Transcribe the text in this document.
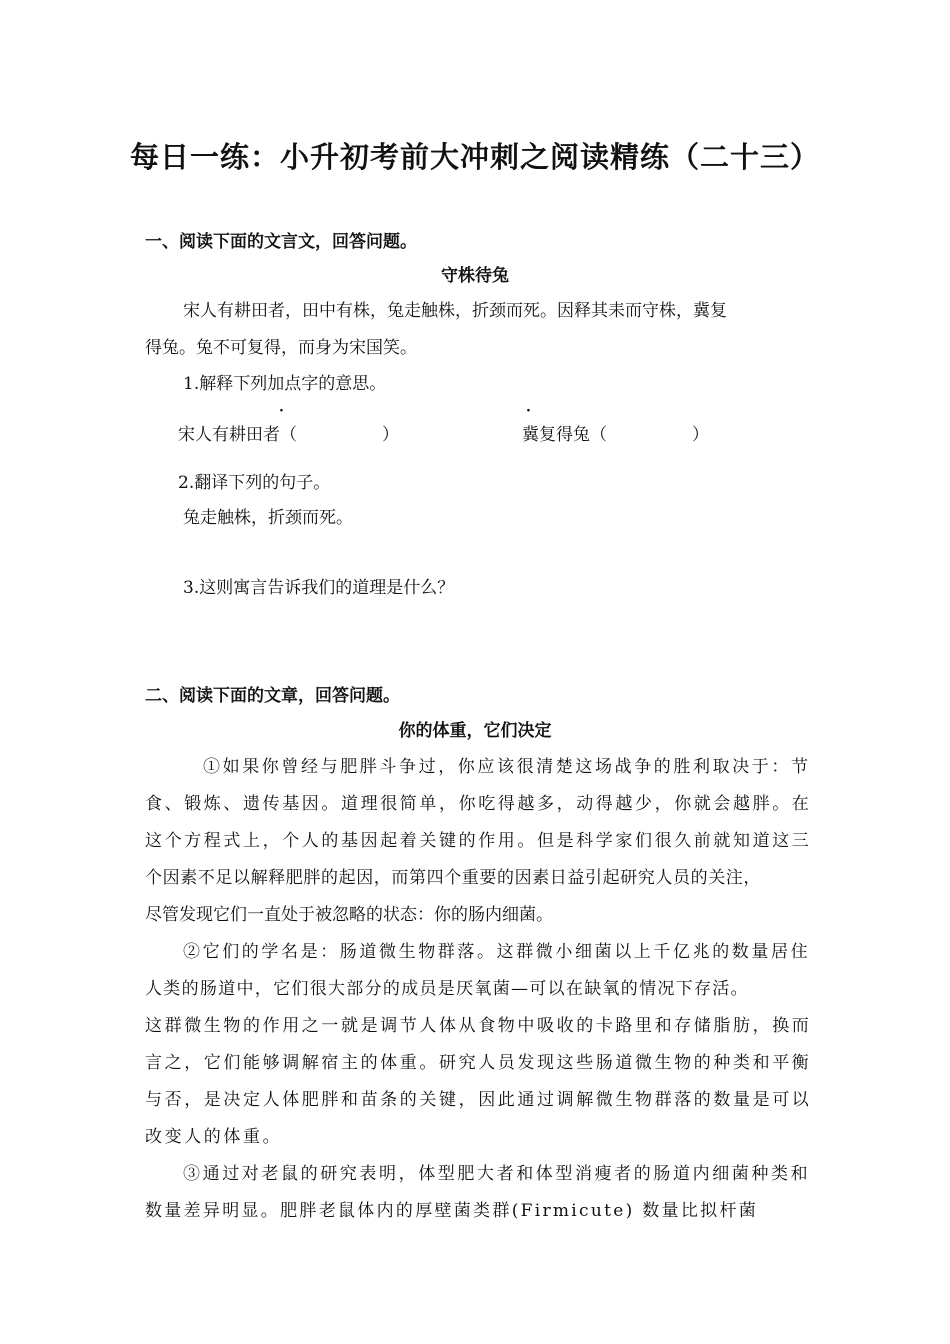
每日一练：小升初考前大冲刺之阅读精练（二十三）
一、阅读下面的文言文，回答问题。
守株待兔
宋人有耕田者，田中有株，兔走触株，折颈而死。因释其耒而守株，冀复
得兔。兔不可复得，而身为宋国笑。
1.解释下列加点字的意思。
·
宋人有耕田者（　　　　　）
·
冀复得兔（　　　　　）
2.翻译下列的句子。
兔走触株，折颈而死。
3.这则寓言告诉我们的道理是什么？
二、阅读下面的文章，回答问题。
你的体重，它们决定
①如果你曾经与肥胖斗争过，你应该很清楚这场战争的胜利取决于：节
食、锻炼、遗传基因。道理很简单，你吃得越多，动得越少，你就会越胖。在
这个方程式上，个人的基因起着关键的作用。但是科学家们很久前就知道这三
个因素不足以解释肥胖的起因，而第四个重要的因素日益引起研究人员的关注，
尽管发现它们一直处于被忽略的状态：你的肠内细菌。
②它们的学名是：肠道微生物群落。这群微小细菌以上千亿兆的数量居住
人类的肠道中，它们很大部分的成员是厌氧菌—可以在缺氧的情况下存活。
这群微生物的作用之一就是调节人体从食物中吸收的卡路里和存储脂肪，换而
言之，它们能够调解宿主的体重。研究人员发现这些肠道微生物的种类和平衡
与否，是决定人体肥胖和苗条的关键，因此通过调解微生物群落的数量是可以
改变人的体重。
③通过对老鼠的研究表明，体型肥大者和体型消瘦者的肠道内细菌种类和
数量差异明显。肥胖老鼠体内的厚壁菌类群(Firmicute) 数量比拟杆菌
